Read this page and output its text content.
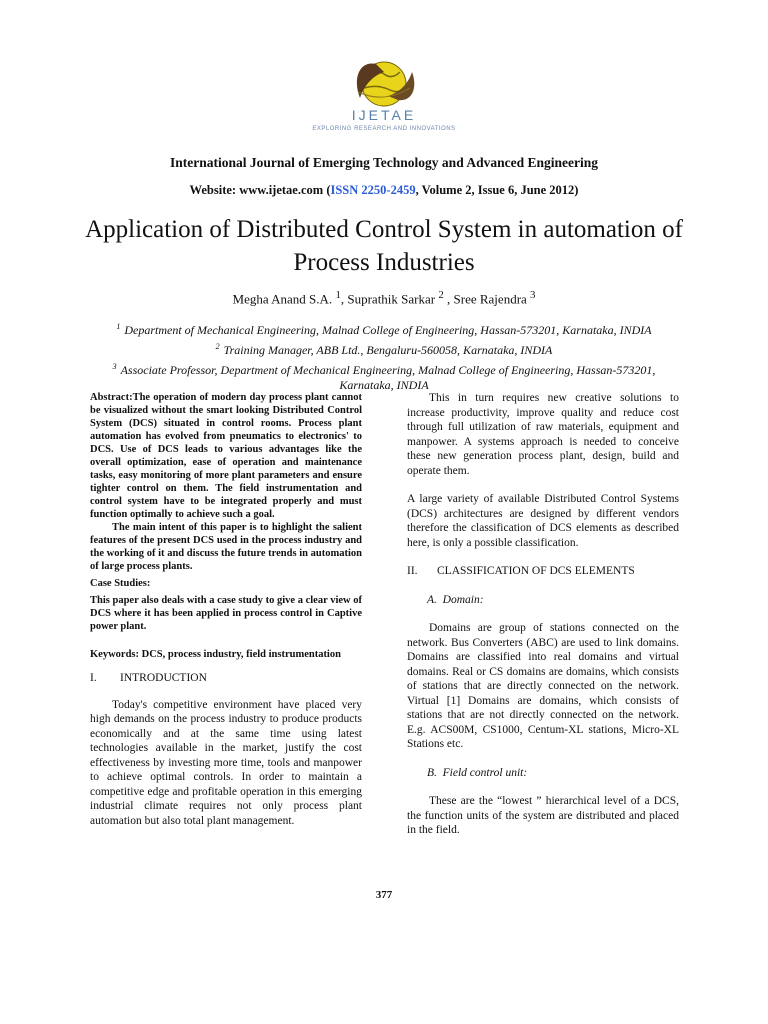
IJETAE
EXPLORING RESEARCH AND INNOVATIONS
International Journal of Emerging Technology and Advanced Engineering
Website: www.ijetae.com (ISSN 2250-2459, Volume 2, Issue 6, June 2012)
Application of Distributed Control System in automation of Process Industries
Megha Anand S.A. $^1$, Suprathik Sarkar $^2$ , Sree Rajendra $^3$
$^1$ Department of Mechanical Engineering, Malnad College of Engineering, Hassan-573201, Karnataka, INDIA
$^2$ Training Manager, ABB Ltd., Bengaluru-560058, Karnataka, INDIA
$^3$ Associate Professor, Department of Mechanical Engineering, Malnad College of Engineering, Hassan-573201, Karnataka, INDIA

Abstract:The operation of modern day process plant cannot be visualized without the smart looking Distributed Control System (DCS) situated in control rooms. Process plant automation has evolved from pneumatics to electronics' to DCS. Use of DCS leads to various advantages like the overall optimization, ease of operation and maintenance tasks, easy monitoring of more plant parameters and ensure tighter control on them. The field instrumentation and control system have to be integrated properly and must function optimally to achieve such a goal.

The main intent of this paper is to highlight the salient features of the present DCS used in the process industry and the working of it and discuss the future trends in automation of large process plants.

Case Studies:

This paper also deals with a case study to give a clear view of DCS where it has been applied in process control in Captive power plant.

Keywords: DCS, process industry, field instrumentation

I. INTRODUCTION

Today's competitive environment have placed very high demands on the process industry to produce products economically and at the same time using latest technologies available in the market, justify the cost effectiveness by investing more time, tools and manpower to achieve optimal controls. In order to maintain a competitive edge and profitable operation in this emerging industrial climate requires not only process plant automation but also total plant management.

This in turn requires new creative solutions to increase productivity, improve quality and reduce cost through full utilization of raw materials, equipment and manpower. A systems approach is needed to conceive these new generation process plant, design, build and operate them.

A large variety of available Distributed Control Systems (DCS) architectures are designed by different vendors therefore the classification of DCS elements as described here, is only a possible classification.

II. CLASSIFICATION OF DCS ELEMENTS

A. Domain:

Domains are group of stations connected on the network. Bus Converters (ABC) are used to link domains. Domains are classified into real domains and virtual domains. Real or CS domains are domains, which consists of stations that are directly connected on the network. Virtual [1] Domains are domains, which consists of stations that are not directly connected on the network. E.g. ACS00M, CS1000, Centum-XL stations, Micro-XL Stations etc.

B. Field control unit:

These are the “lowest ” hierarchical level of a DCS, the function units of the system are distributed and placed in the field.

377
